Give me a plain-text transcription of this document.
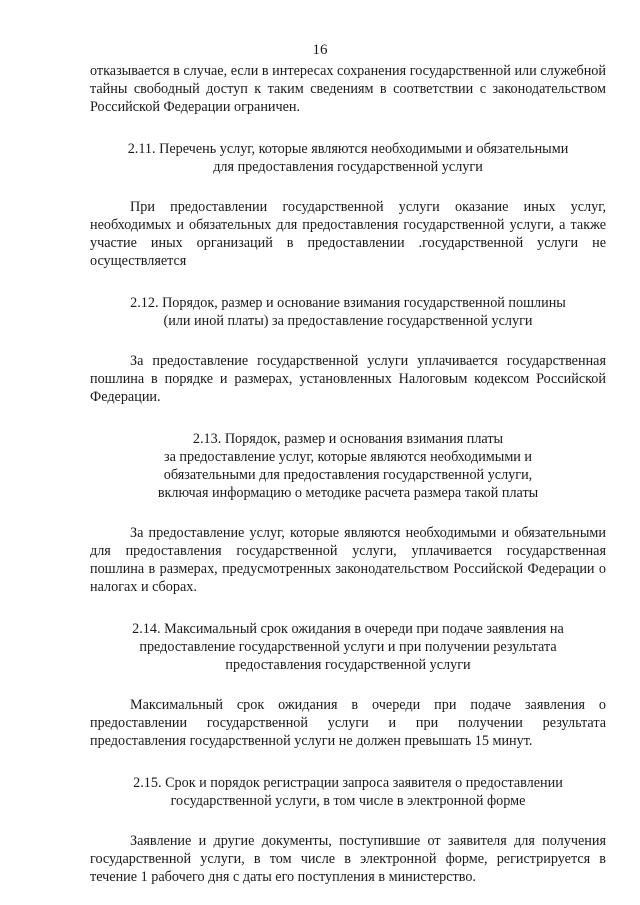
16

отказывается в случае, если в интересах сохранения государственной или служебной тайны свободный доступ к таким сведениям в соответствии с законодательством Российской Федерации ограничен.

2.11. Перечень услуг, которые являются необходимыми и обязательными
для предоставления государственной услуги

При предоставлении государственной услуги оказание иных услуг, необходимых и обязательных для предоставления государственной услуги, а также участие иных организаций в предоставлении .государственной услуги не осуществляется

2.12. Порядок, размер и основание взимания государственной пошлины
(или иной платы) за предоставление государственной услуги

За предоставление государственной услуги уплачивается государственная пошлина в порядке и размерах, установленных Налоговым кодексом Российской Федерации.

2.13. Порядок, размер и основания взимания платы
за предоставление услуг, которые являются необходимыми и
обязательными для предоставления государственной услуги,
включая информацию о методике расчета размера такой платы

За предоставление услуг, которые являются необходимыми и обязательными для предоставления государственной услуги, уплачивается государственная пошлина в размерах, предусмотренных законодательством Российской Федерации о налогах и сборах.

2.14. Максимальный срок ожидания в очереди при подаче заявления на
предоставление государственной услуги и при получении результата
предоставления государственной услуги

Максимальный срок ожидания в очереди при подаче заявления о предоставлении государственной услуги и при получении результата предоставления государственной услуги не должен превышать 15 минут.

2.15. Срок и порядок регистрации запроса заявителя о предоставлении
государственной услуги, в том числе в электронной форме

Заявление и другие документы, поступившие от заявителя для получения государственной услуги, в том числе в электронной форме, регистрируется в течение 1 рабочего дня с даты его поступления в министерство.
